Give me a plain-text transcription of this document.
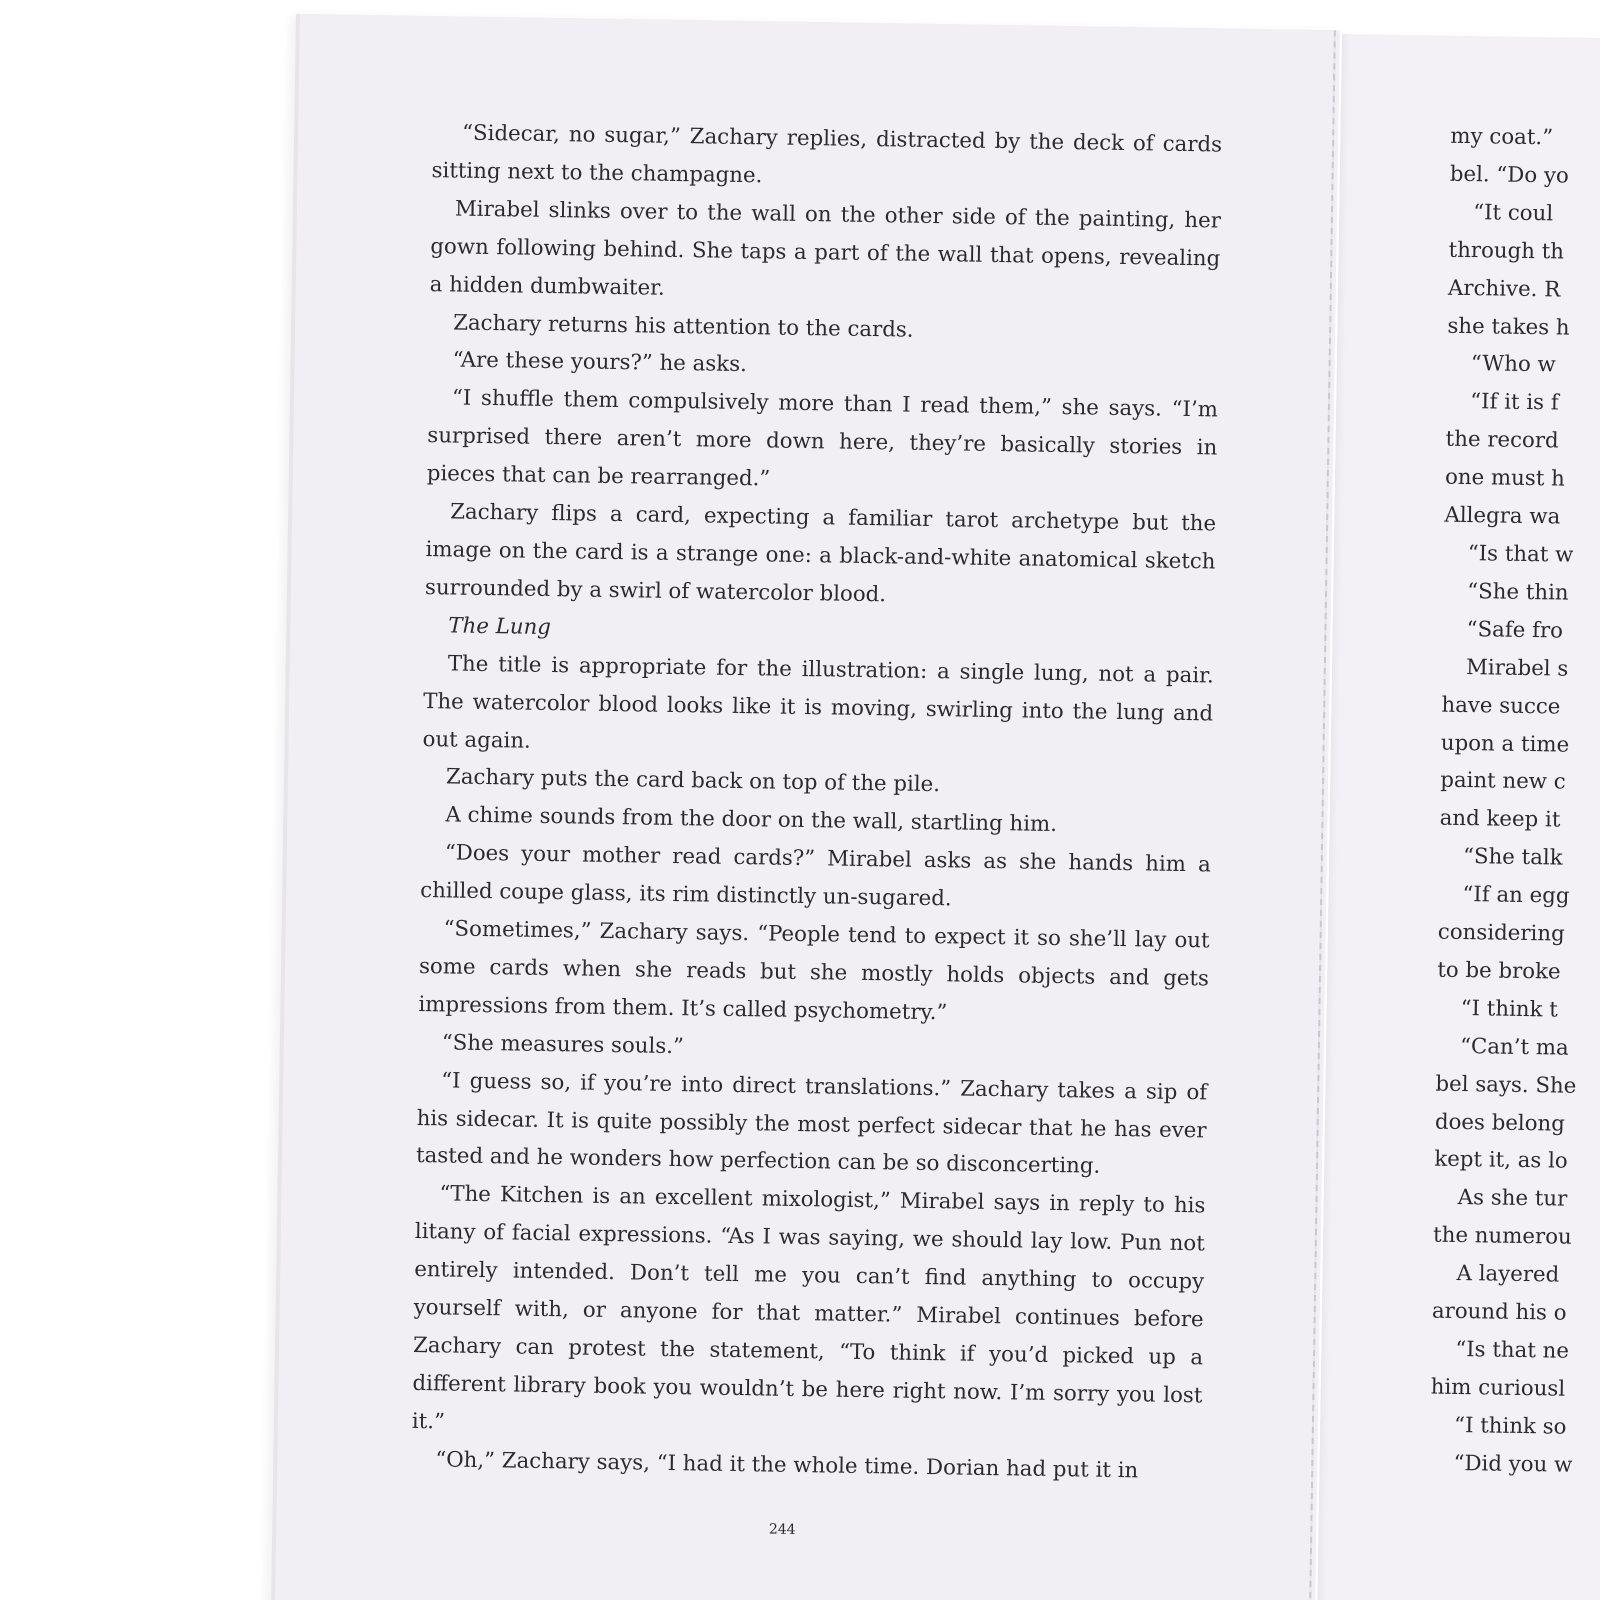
“Sidecar, no sugar,” Zachary replies, distracted by the deck of cards sitting next to the champagne.

Mirabel slinks over to the wall on the other side of the painting, her gown following behind. She taps a part of the wall that opens, revealing a hidden dumbwaiter.

Zachary returns his attention to the cards.

“Are these yours?” he asks.

“I shuffle them compulsively more than I read them,” she says. “I’m surprised there aren’t more down here, they’re basically stories in pieces that can be rearranged.”

Zachary flips a card, expecting a familiar tarot archetype but the image on the card is a strange one: a black-and-white anatomical sketch surrounded by a swirl of watercolor blood.

The Lung

The title is appropriate for the illustration: a single lung, not a pair. The watercolor blood looks like it is moving, swirling into the lung and out again.

Zachary puts the card back on top of the pile.

A chime sounds from the door on the wall, startling him.

“Does your mother read cards?” Mirabel asks as she hands him a chilled coupe glass, its rim distinctly un-sugared.

“Sometimes,” Zachary says. “People tend to expect it so she’ll lay out some cards when she reads but she mostly holds objects and gets impressions from them. It’s called psychometry.”

“She measures souls.”

“I guess so, if you’re into direct translations.” Zachary takes a sip of his sidecar. It is quite possibly the most perfect sidecar that he has ever tasted and he wonders how perfection can be so disconcerting.

“The Kitchen is an excellent mixologist,” Mirabel says in reply to his litany of facial expressions. “As I was saying, we should lay low. Pun not entirely intended. Don’t tell me you can’t find anything to occupy yourself with, or anyone for that matter.” Mirabel continues before Zachary can protest the statement, “To think if you’d picked up a different library book you wouldn’t be here right now. I’m sorry you lost it.”

“Oh,” Zachary says, “I had it the whole time. Dorian had put it in

244
my coat.”
bel. “Do yo
“It coul
through th
Archive. R
she takes h
“Who w
“If it is f
the record
one must h
Allegra wa
“Is that w
“She thin
“Safe fro
Mirabel s
have succe
upon a time
paint new c
and keep it
“She talk
“If an egg
considering
to be broke
“I think t
“Can’t ma
bel says. She
does belong
kept it, as lo
As she tur
the numerou
A layered
around his o
“Is that ne
him curiousl
“I think so
“Did you w
